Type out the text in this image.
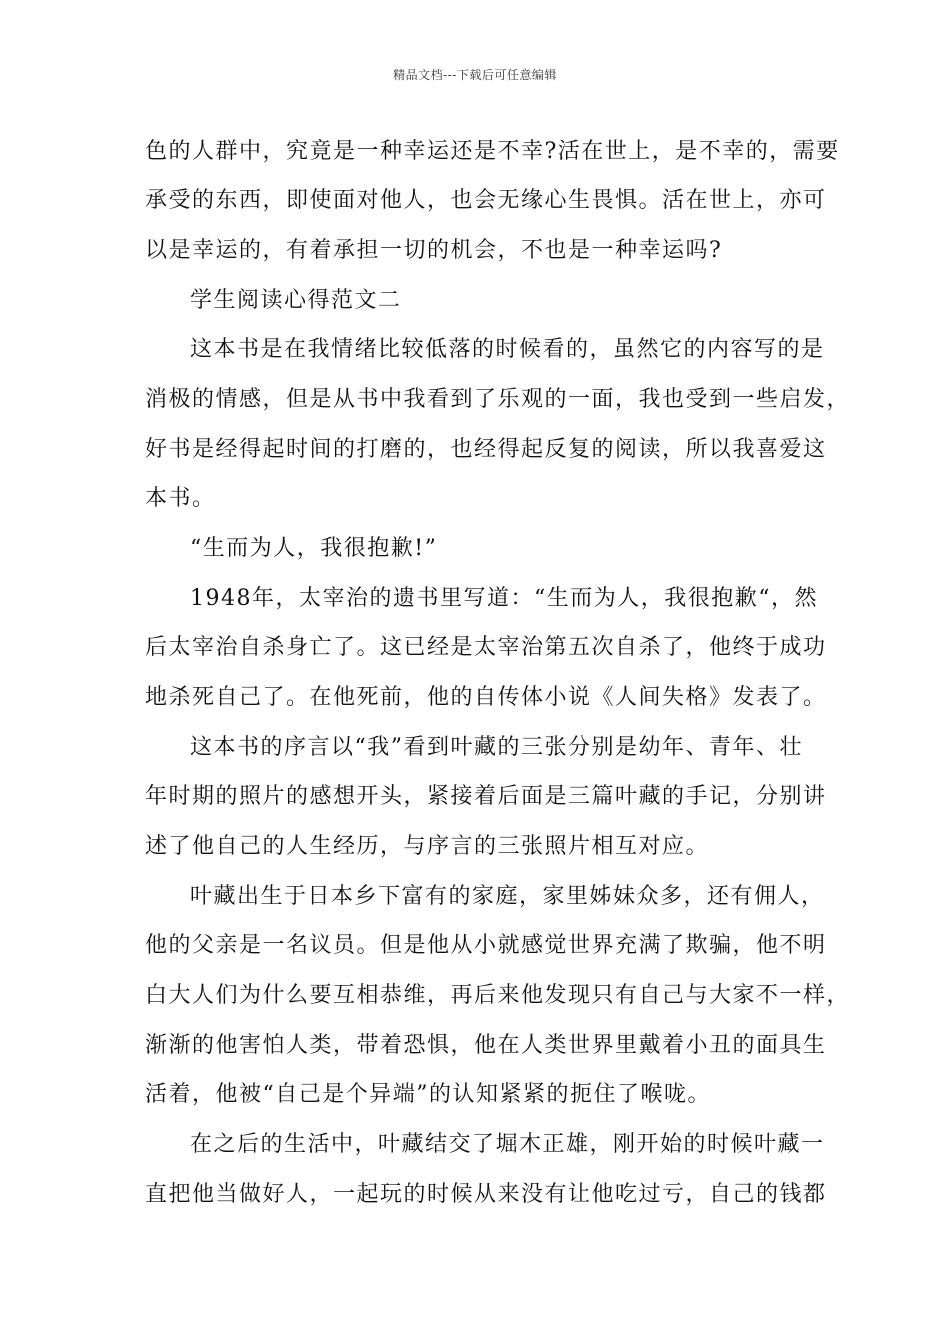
精品文档---下载后可任意编辑
色的人群中，究竟是一种幸运还是不幸?活在世上，是不幸的，需要
承受的东西，即使面对他人，也会无缘心生畏惧。活在世上，亦可
以是幸运的，有着承担一切的机会，不也是一种幸运吗?
学生阅读心得范文二
这本书是在我情绪比较低落的时候看的，虽然它的内容写的是
消极的情感，但是从书中我看到了乐观的一面，我也受到一些启发，
好书是经得起时间的打磨的，也经得起反复的阅读，所以我喜爱这
本书。
“生而为人，我很抱歉!”
1948年，太宰治的遗书里写道：“生而为人，我很抱歉“，然
后太宰治自杀身亡了。这已经是太宰治第五次自杀了，他终于成功
地杀死自己了。在他死前，他的自传体小说《人间失格》发表了。
这本书的序言以“我”看到叶藏的三张分别是幼年、青年、壮
年时期的照片的感想开头，紧接着后面是三篇叶藏的手记，分别讲
述了他自己的人生经历，与序言的三张照片相互对应。
叶藏出生于日本乡下富有的家庭，家里姊妹众多，还有佣人，
他的父亲是一名议员。但是他从小就感觉世界充满了欺骗，他不明
白大人们为什么要互相恭维，再后来他发现只有自己与大家不一样，
渐渐的他害怕人类，带着恐惧，他在人类世界里戴着小丑的面具生
活着，他被“自己是个异端”的认知紧紧的扼住了喉咙。
在之后的生活中，叶藏结交了堀木正雄，刚开始的时候叶藏一
直把他当做好人，一起玩的时候从来没有让他吃过亏，自己的钱都
